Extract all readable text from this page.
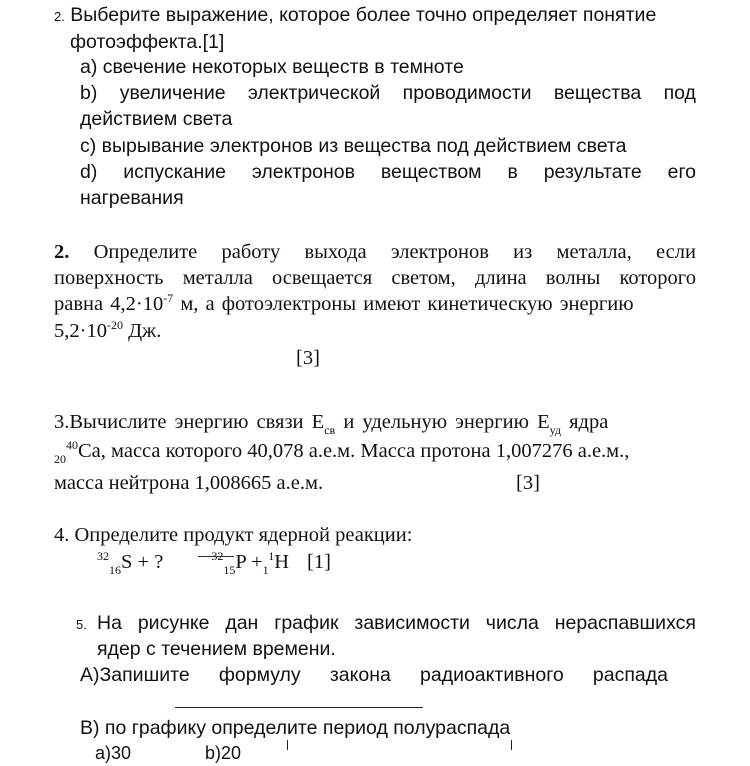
2. Выберите выражение, которое более точно определяет понятие
фотоэффекта.[1]
a) свечение некоторых веществ в темноте
b) увеличение электрической проводимости вещества под
действием света
c) вырывание электронов из вещества под действием света
d) испускание электронов веществом в результате его
нагревания
2. Определите работу выхода электронов из металла, если
поверхность металла освещается светом, длина волны которого
равна $4,2\cdot 10^{-7}$ м, а фотоэлектроны имеют кинетическую энергию
$5,2\cdot 10^{-20}$ Дж.
[3]
3.Вычислите энергию связи $E_{св}$ и удельную энергию $E_{уд}$ ядра
$_{20}^{40}$Ca, масса которого 40,078 а.е.м. Масса протона 1,007276 а.е.м.,
масса нейтрона 1,008665 а.е.м.	[3]
4. Определите продукт ядерной реакции:
$^{32}_{16}$S + ?	$^{32}_{15}P +_1^1H$ [1]
5. На рисунке дан график зависимости числа нераспавшихся
ядер с течением времени.
А)Запишите формулу закона радиоактивного распада
В) по графику определите период полураспада
а)30	b)20
